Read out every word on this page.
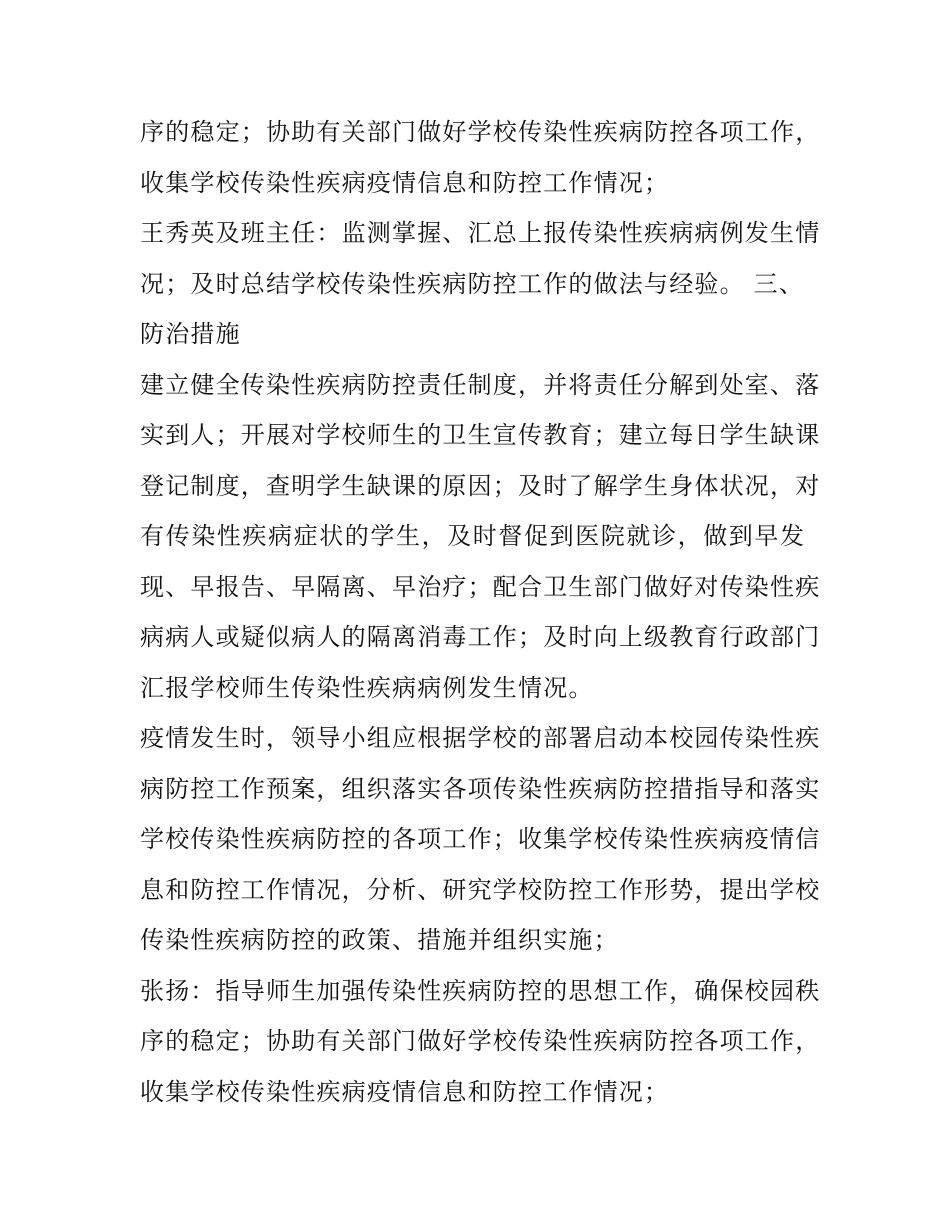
序的稳定；协助有关部门做好学校传染性疾病防控各项工作，
收集学校传染性疾病疫情信息和防控工作情况；
王秀英及班主任：监测掌握、汇总上报传染性疾病病例发生情
况；及时总结学校传染性疾病防控工作的做法与经验。 三、
防治措施
建立健全传染性疾病防控责任制度，并将责任分解到处室、落
实到人；开展对学校师生的卫生宣传教育；建立每日学生缺课
登记制度，查明学生缺课的原因；及时了解学生身体状况，对
有传染性疾病症状的学生，及时督促到医院就诊，做到早发
现、早报告、早隔离、早治疗；配合卫生部门做好对传染性疾
病病人或疑似病人的隔离消毒工作；及时向上级教育行政部门
汇报学校师生传染性疾病病例发生情况。
疫情发生时，领导小组应根据学校的部署启动本校园传染性疾
病防控工作预案，组织落实各项传染性疾病防控措指导和落实
学校传染性疾病防控的各项工作；收集学校传染性疾病疫情信
息和防控工作情况，分析、研究学校防控工作形势，提出学校
传染性疾病防控的政策、措施并组织实施；
张扬：指导师生加强传染性疾病防控的思想工作，确保校园秩
序的稳定；协助有关部门做好学校传染性疾病防控各项工作，
收集学校传染性疾病疫情信息和防控工作情况；
